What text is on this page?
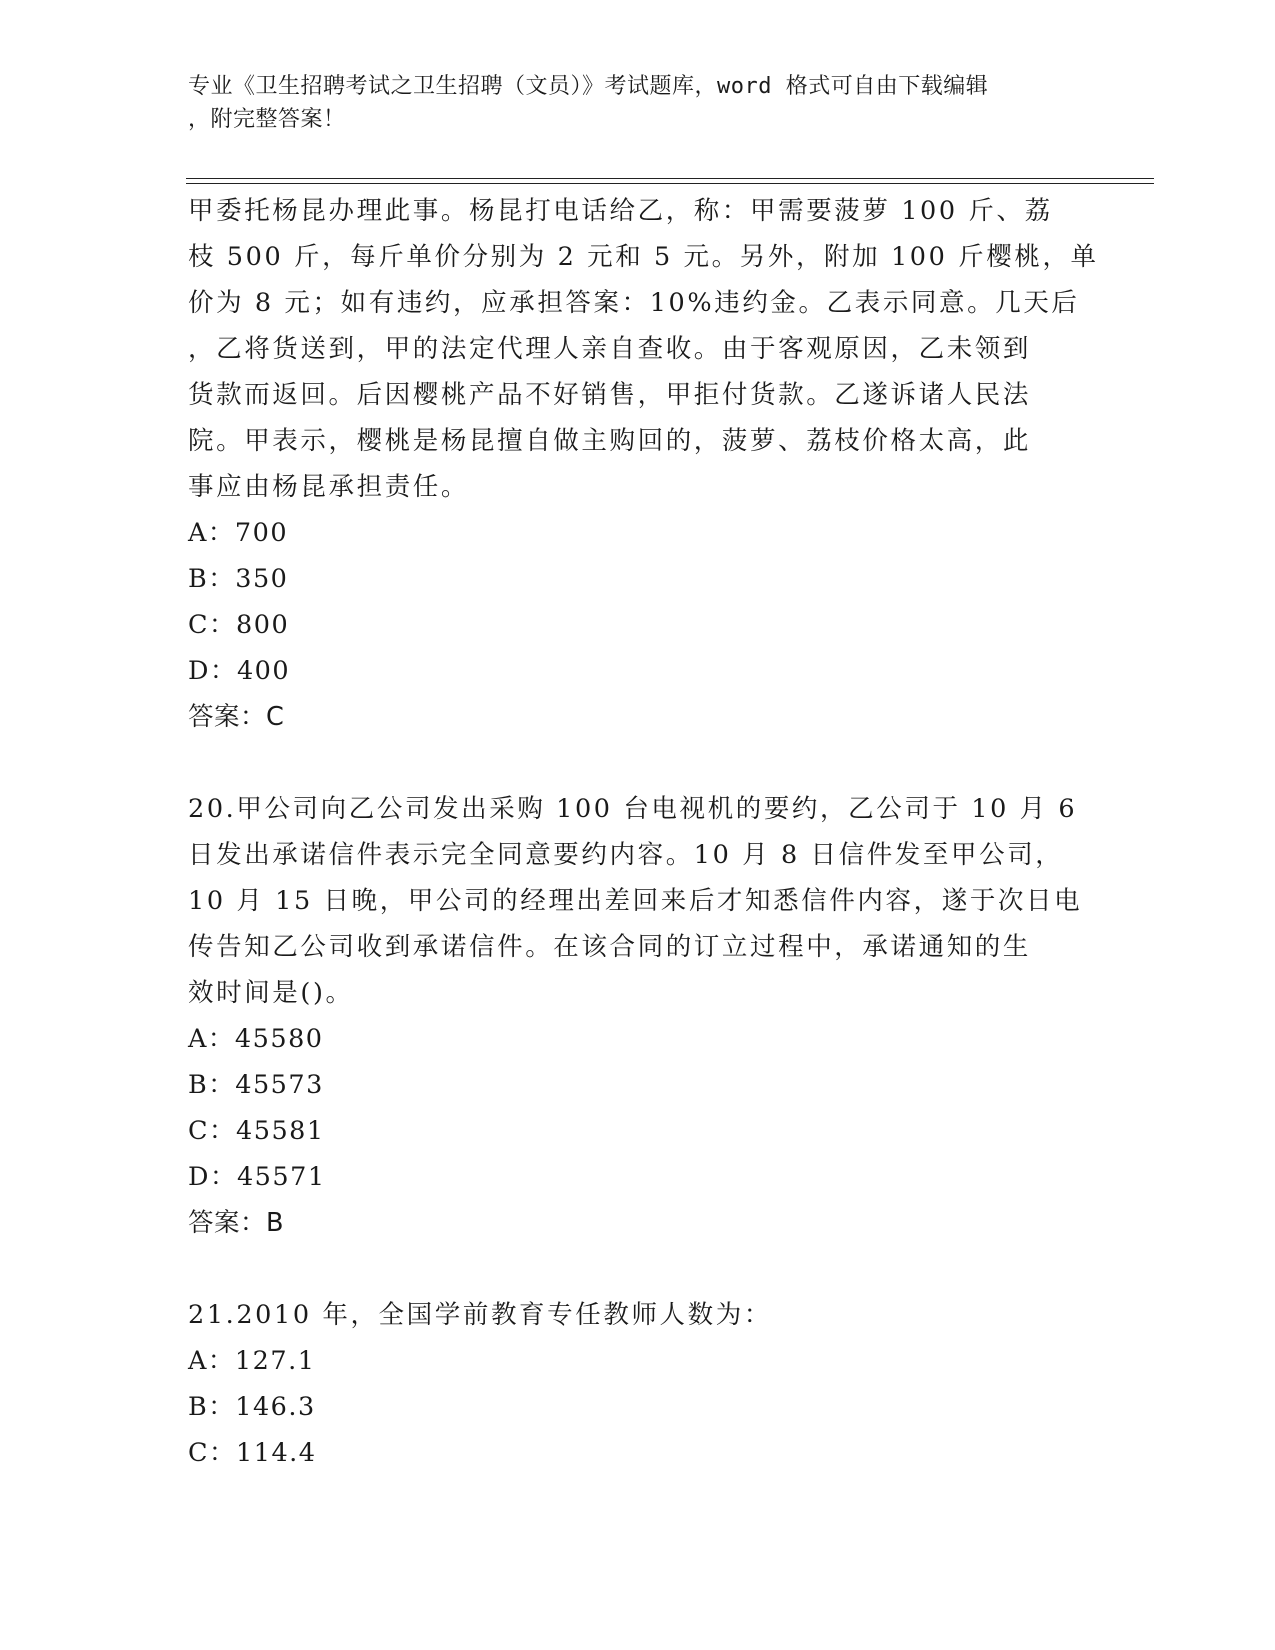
专业《卫生招聘考试之卫生招聘（文员）》考试题库，word 格式可自由下载编辑
，附完整答案！
甲委托杨昆办理此事。杨昆打电话给乙，称：甲需要菠萝 100 斤、荔
枝 500 斤，每斤单价分别为 2 元和 5 元。另外，附加 100 斤樱桃，单
价为 8 元；如有违约，应承担答案：10%违约金。乙表示同意。几天后
，乙将货送到，甲的法定代理人亲自查收。由于客观原因，乙未领到
货款而返回。后因樱桃产品不好销售，甲拒付货款。乙遂诉诸人民法
院。甲表示，樱桃是杨昆擅自做主购回的，菠萝、荔枝价格太高，此
事应由杨昆承担责任。
A：700
B：350
C：800
D：400
答案：C
20.甲公司向乙公司发出采购 100 台电视机的要约，乙公司于 10 月 6
日发出承诺信件表示完全同意要约内容。10 月 8 日信件发至甲公司，
10 月 15 日晚，甲公司的经理出差回来后才知悉信件内容，遂于次日电
传告知乙公司收到承诺信件。在该合同的订立过程中，承诺通知的生
效时间是()。
A：45580
B：45573
C：45581
D：45571
答案：B
21.2010 年，全国学前教育专任教师人数为：
A：127.1
B：146.3
C：114.4
